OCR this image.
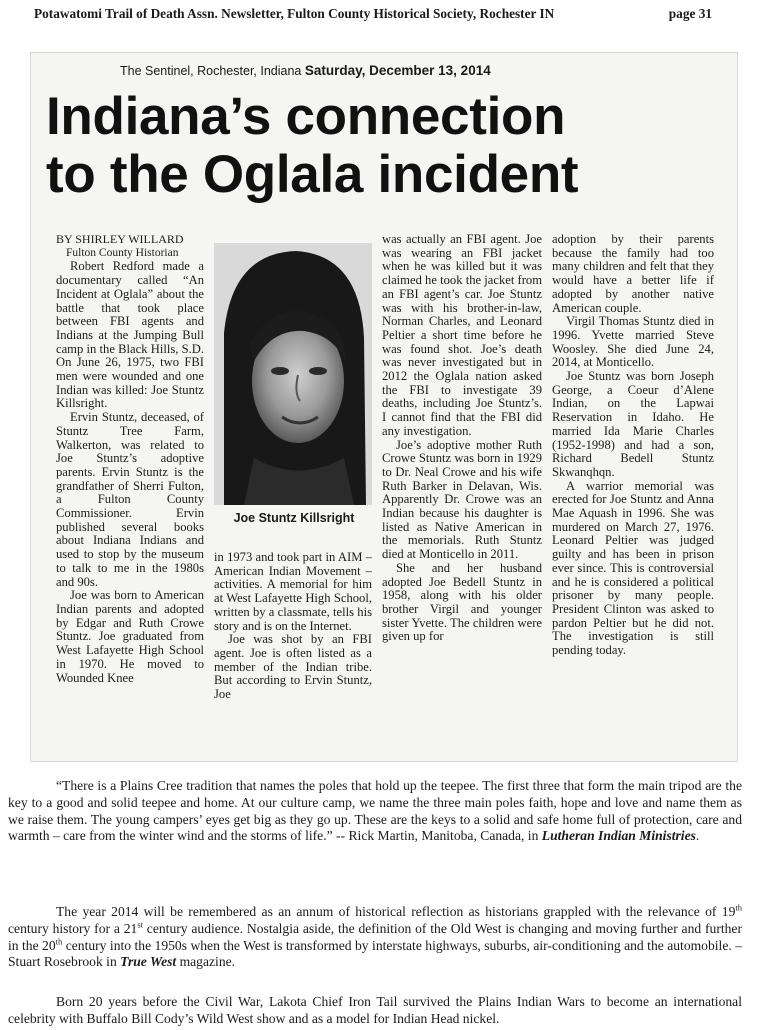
Potawatomi Trail of Death Assn. Newsletter, Fulton County Historical Society, Rochester IN	page 31
The Sentinel, Rochester, Indiana Saturday, December 13, 2014
Indiana’s connection
to the Oglala incident

BY SHIRLEY WILLARD

Fulton County Historian

Robert Redford made a documentary called “An Incident at Oglala” about the battle that took place between FBI agents and Indians at the Jumping Bull camp in the Black Hills, S.D. On June 26, 1975, two FBI men were wounded and one Indian was killed: Joe Stuntz Killsright.

Ervin Stuntz, deceased, of Stuntz Tree Farm, Walkerton, was related to Joe Stuntz’s adoptive parents. Ervin Stuntz is the grandfather of Sherri Fulton, a Fulton County Commissioner. Ervin published several books about Indiana Indians and used to stop by the museum to talk to me in the 1980s and 90s.

Joe was born to American Indian parents and adopted by Edgar and Ruth Crowe Stuntz. Joe graduated from West Lafayette High School in 1970. He moved to Wounded Knee

Joe Stuntz Killsright

in 1973 and took part in AIM – American Indian Movement – activities. A memorial for him at West Lafayette High School, written by a classmate, tells his story and is on the Internet.

Joe was shot by an FBI agent. Joe is often listed as a member of the Indian tribe. But according to Ervin Stuntz, Joe

was actually an FBI agent. Joe was wearing an FBI jacket when he was killed but it was claimed he took the jacket from an FBI agent’s car. Joe Stuntz was with his brother-in-law, Norman Charles, and Leonard Peltier a short time before he was found shot. Joe’s death was never investigated but in 2012 the Oglala nation asked the FBI to investigate 39 deaths, including Joe Stuntz’s. I cannot find that the FBI did any investigation.

Joe’s adoptive mother Ruth Crowe Stuntz was born in 1929 to Dr. Neal Crowe and his wife Ruth Barker in Delavan, Wis. Apparently Dr. Crowe was an Indian because his daughter is listed as Native American in the memorials. Ruth Stuntz died at Monticello in 2011.

She and her husband adopted Joe Bedell Stuntz in 1958, along with his older brother Virgil and younger sister Yvette. The children were given up for

adoption by their parents because the family had too many children and felt that they would have a better life if adopted by another native American couple.

Virgil Thomas Stuntz died in 1996. Yvette married Steve Woosley. She died June 24, 2014, at Monticello.

Joe Stuntz was born Joseph George, a Coeur d’Alene Indian, on the Lapwai Reservation in Idaho. He married Ida Marie Charles (1952-1998) and had a son, Richard Bedell Stuntz Skwanqhqn.

A warrior memorial was erected for Joe Stuntz and Anna Mae Aquash in 1996. She was murdered on March 27, 1976. Leonard Peltier was judged guilty and has been in prison ever since. This is controversial and he is considered a political prisoner by many people. President Clinton was asked to pardon Peltier but he did not. The investigation is still pending today.

“There is a Plains Cree tradition that names the poles that hold up the teepee. The first three that form the main tripod are the key to a good and solid teepee and home. At our culture camp, we name the three main poles faith, hope and love and name them as we raise them. The young campers’ eyes get big as they go up. These are the keys to a solid and safe home full of protection, care and warmth – care from the winter wind and the storms of life.” -- Rick Martin, Manitoba, Canada, in Lutheran Indian Ministries.
The year 2014 will be remembered as an annum of historical reflection as historians grappled with the relevance of 19th century history for a 21st century audience. Nostalgia aside, the definition of the Old West is changing and moving further and further in the 20th century into the 1950s when the West is transformed by interstate highways, suburbs, air-conditioning and the automobile. – Stuart Rosebrook in True West magazine.
Born 20 years before the Civil War, Lakota Chief Iron Tail survived the Plains Indian Wars to become an international celebrity with Buffalo Bill Cody’s Wild West show and as a model for Indian Head nickel.
